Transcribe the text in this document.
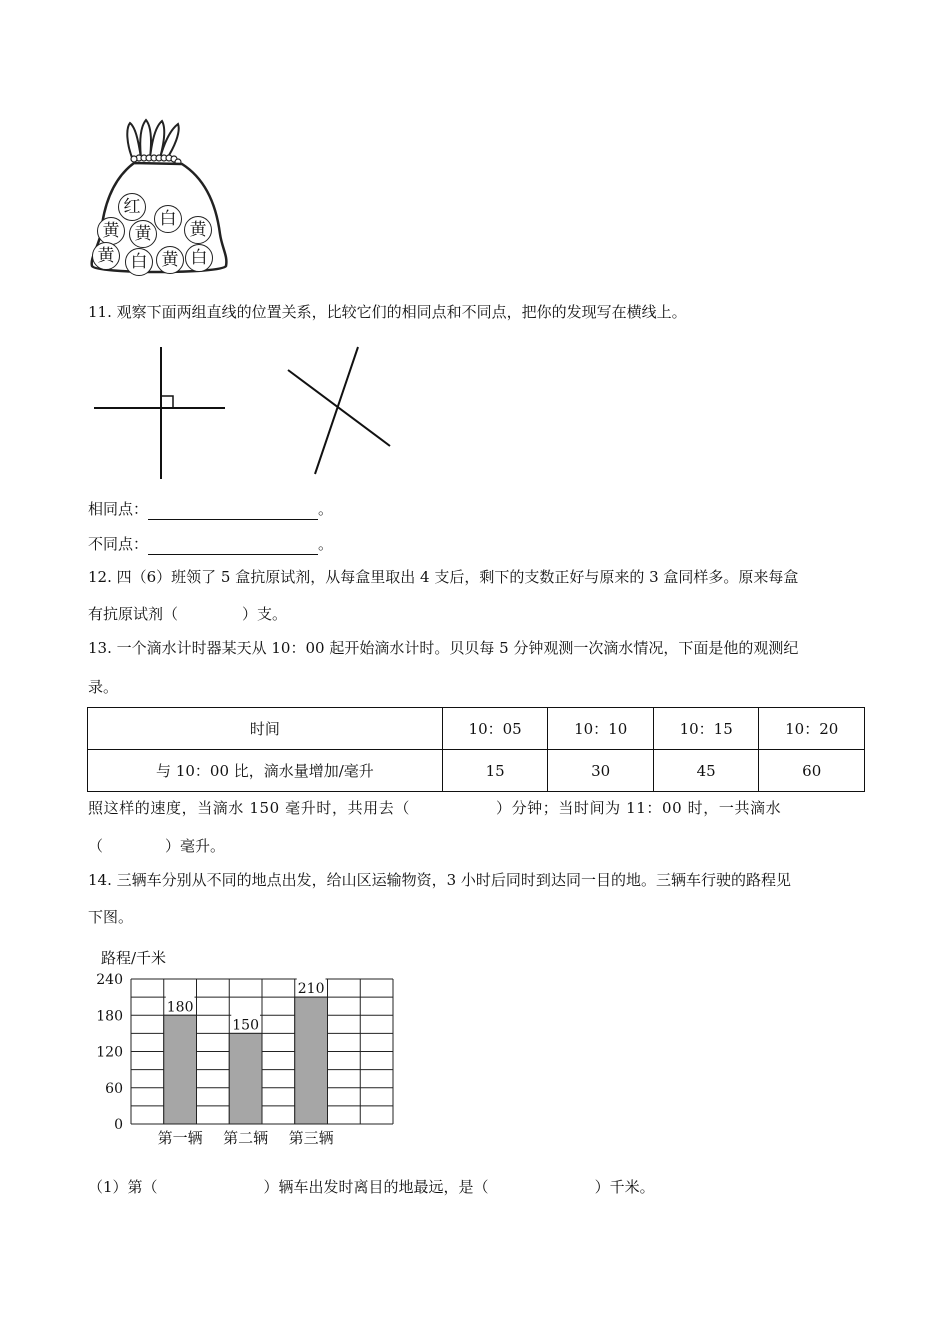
红
白
黄 黄	黄
黄 白 黄 白
11. 观察下面两组直线的位置关系，比较它们的相同点和不同点，把你的发现写在横线上。
相同点：	。
不同点：	。
12. 四（6）班领了 5 盒抗原试剂，从每盒里取出 4 支后，剩下的支数正好与原来的 3 盒同样多。原来每盒
有抗原试剂（	）支。
13. 一个滴水计时器某天从 10：00 起开始滴水计时。贝贝每 5 分钟观测一次滴水情况，下面是他的观测纪
录。
时间	10：05	10：10	10：15	10：20
与 10：00 比，滴水量增加/毫升	15	30	45	60
照这样的速度，当滴水 150 毫升时，共用去（	）分钟；当时间为 11：00 时，一共滴水
（	）毫升。
14. 三辆车分别从不同的地点出发，给山区运输物资，3 小时后同时到达同一目的地。三辆车行驶的路程见
下图。
路程/千米
0
60
120
180
240
180
第一辆
150
第二辆
210
第三辆
（1）第（	）辆车出发时离目的地最远，是（	）千米。
